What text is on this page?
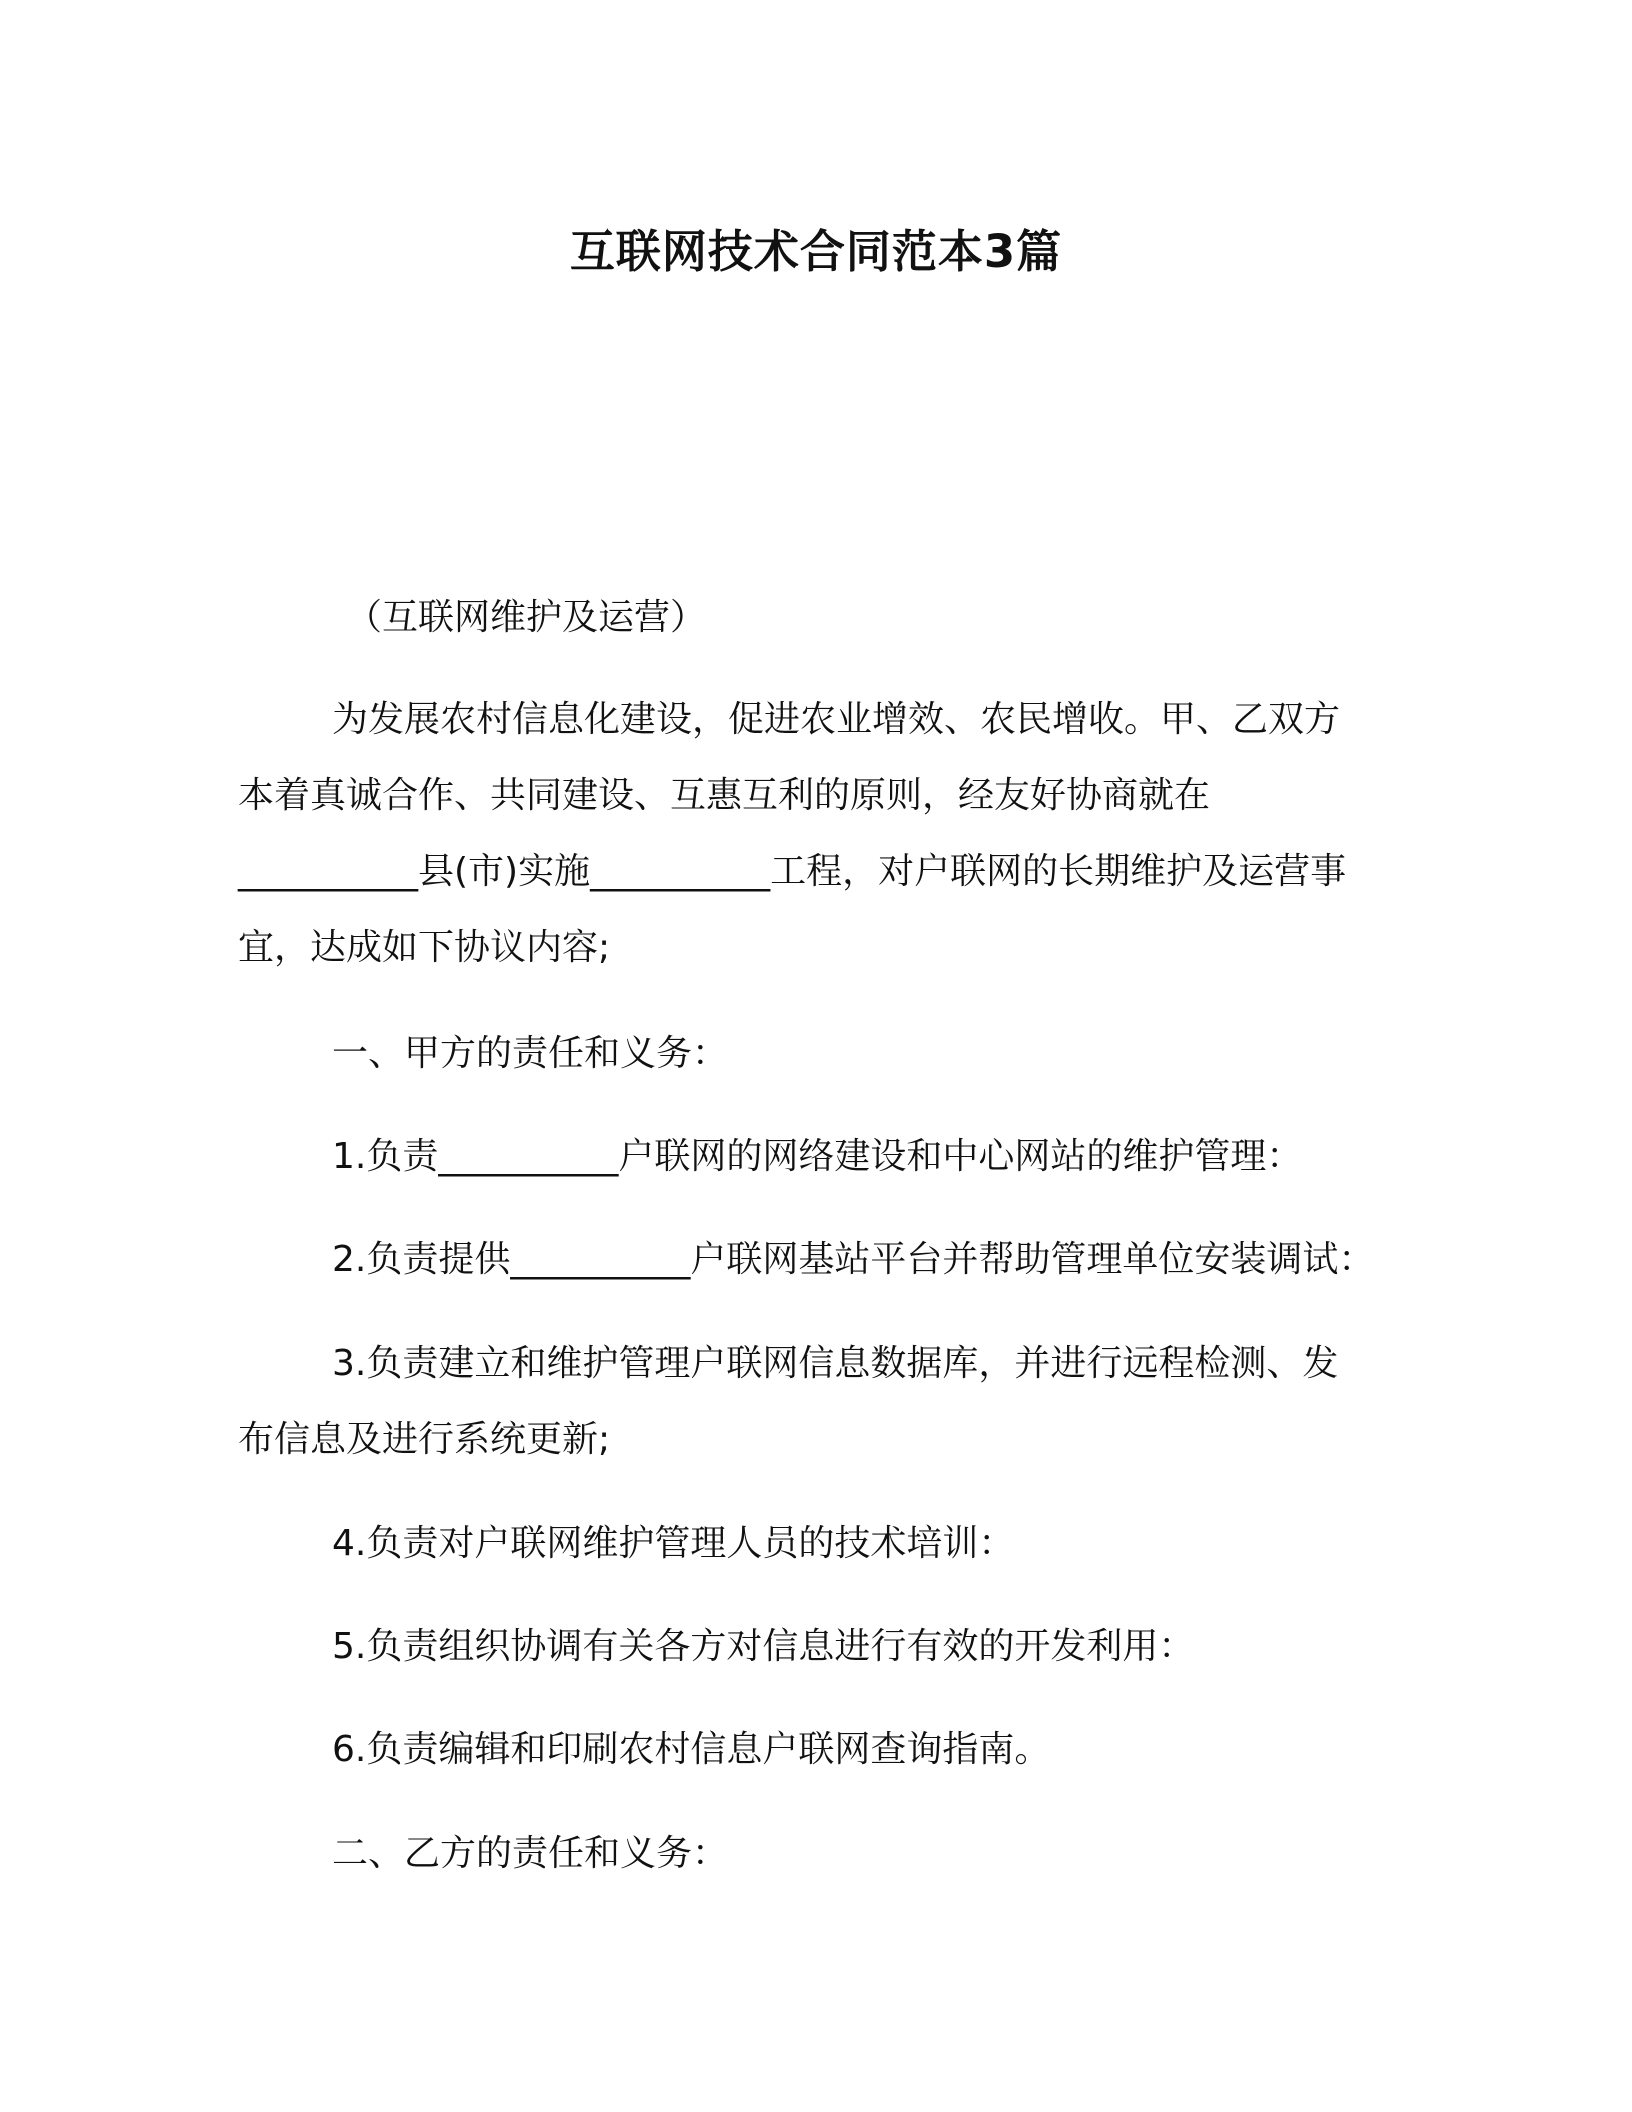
互联网技术合同范本3篇
（互联网维护及运营）
为发展农村信息化建设，促进农业增效、农民增收。甲、乙双方
本着真诚合作、共同建设、互惠互利的原则，经友好协商就在
__________县(市)实施__________工程，对户联网的长期维护及运营事
宜，达成如下协议内容;
一、甲方的责任和义务：
1.负责__________户联网的网络建设和中心网站的维护管理：
2.负责提供__________户联网基站平台并帮助管理单位安装调试：
3.负责建立和维护管理户联网信息数据库，并进行远程检测、发
布信息及进行系统更新;
4.负责对户联网维护管理人员的技术培训：
5.负责组织协调有关各方对信息进行有效的开发利用：
6.负责编辑和印刷农村信息户联网查询指南。
二、乙方的责任和义务：
